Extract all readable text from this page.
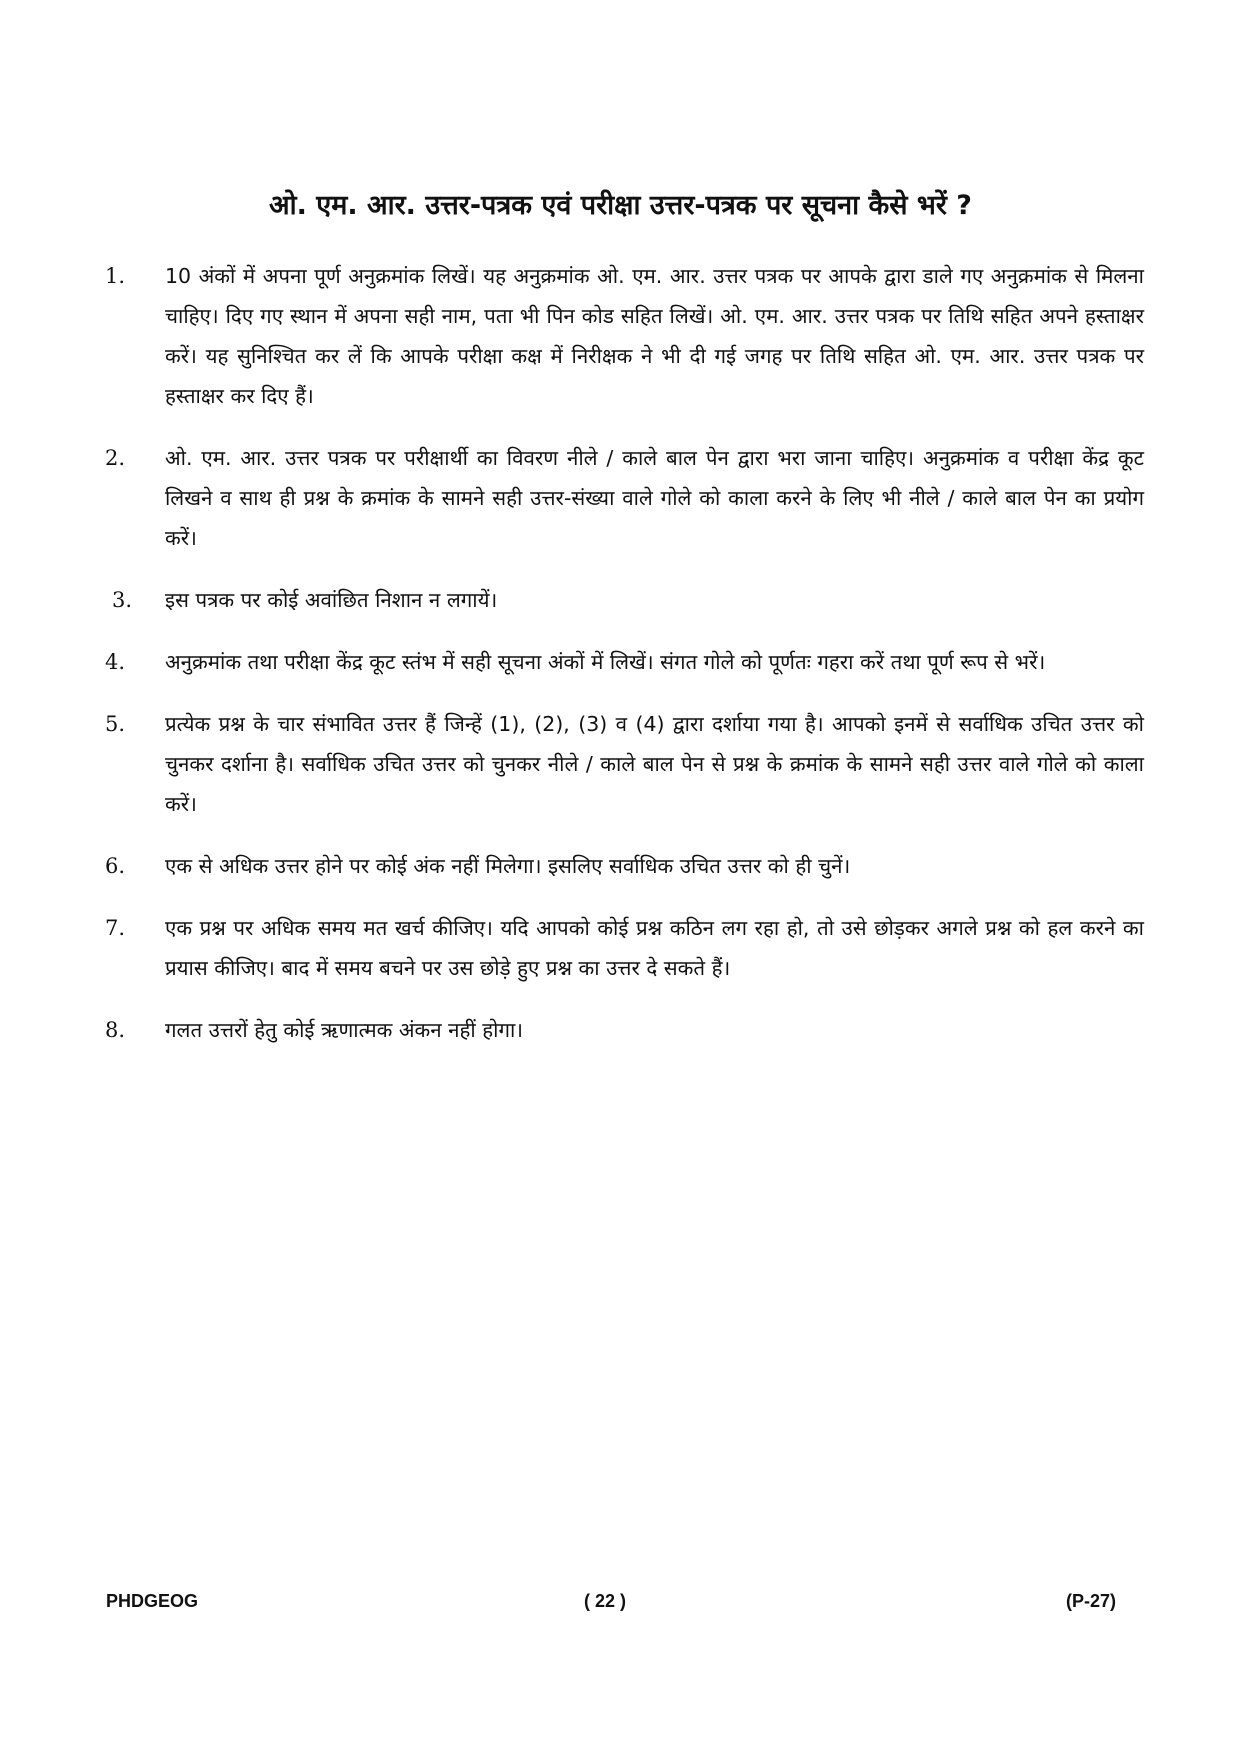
ओ. एम. आर. उत्तर-पत्रक एवं परीक्षा उत्तर-पत्रक पर सूचना कैसे भरें ?
1. 10 अंकों में अपना पूर्ण अनुक्रमांक लिखें। यह अनुक्रमांक ओ. एम. आर. उत्तर पत्रक पर आपके द्वारा डाले गए अनुक्रमांक से मिलना चाहिए। दिए गए स्थान में अपना सही नाम, पता भी पिन कोड सहित लिखें। ओ. एम. आर. उत्तर पत्रक पर तिथि सहित अपने हस्ताक्षर करें। यह सुनिश्चित कर लें कि आपके परीक्षा कक्ष में निरीक्षक ने भी दी गई जगह पर तिथि सहित ओ. एम. आर. उत्तर पत्रक पर हस्ताक्षर कर दिए हैं।
2. ओ. एम. आर. उत्तर पत्रक पर परीक्षार्थी का विवरण नीले / काले बाल पेन द्वारा भरा जाना चाहिए। अनुक्रमांक व परीक्षा केंद्र कूट लिखने व साथ ही प्रश्न के क्रमांक के सामने सही उत्तर-संख्या वाले गोले को काला करने के लिए भी नीले / काले बाल पेन का प्रयोग करें।
3. इस पत्रक पर कोई अवांछित निशान न लगायें।
4. अनुक्रमांक तथा परीक्षा केंद्र कूट स्तंभ में सही सूचना अंकों में लिखें। संगत गोले को पूर्णतः गहरा करें तथा पूर्ण रूप से भरें।
5. प्रत्येक प्रश्न के चार संभावित उत्तर हैं जिन्हें (1), (2), (3) व (4) द्वारा दर्शाया गया है। आपको इनमें से सर्वाधिक उचित उत्तर को चुनकर दर्शाना है। सर्वाधिक उचित उत्तर को चुनकर नीले / काले बाल पेन से प्रश्न के क्रमांक के सामने सही उत्तर वाले गोले को काला करें।
6. एक से अधिक उत्तर होने पर कोई अंक नहीं मिलेगा। इसलिए सर्वाधिक उचित उत्तर को ही चुनें।
7. एक प्रश्न पर अधिक समय मत खर्च कीजिए। यदि आपको कोई प्रश्न कठिन लग रहा हो, तो उसे छोड़कर अगले प्रश्न को हल करने का प्रयास कीजिए। बाद में समय बचने पर उस छोड़े हुए प्रश्न का उत्तर दे सकते हैं।
8. गलत उत्तरों हेतु कोई ऋणात्मक अंकन नहीं होगा।
PHDGEOG	( 22 )	(P-27)
